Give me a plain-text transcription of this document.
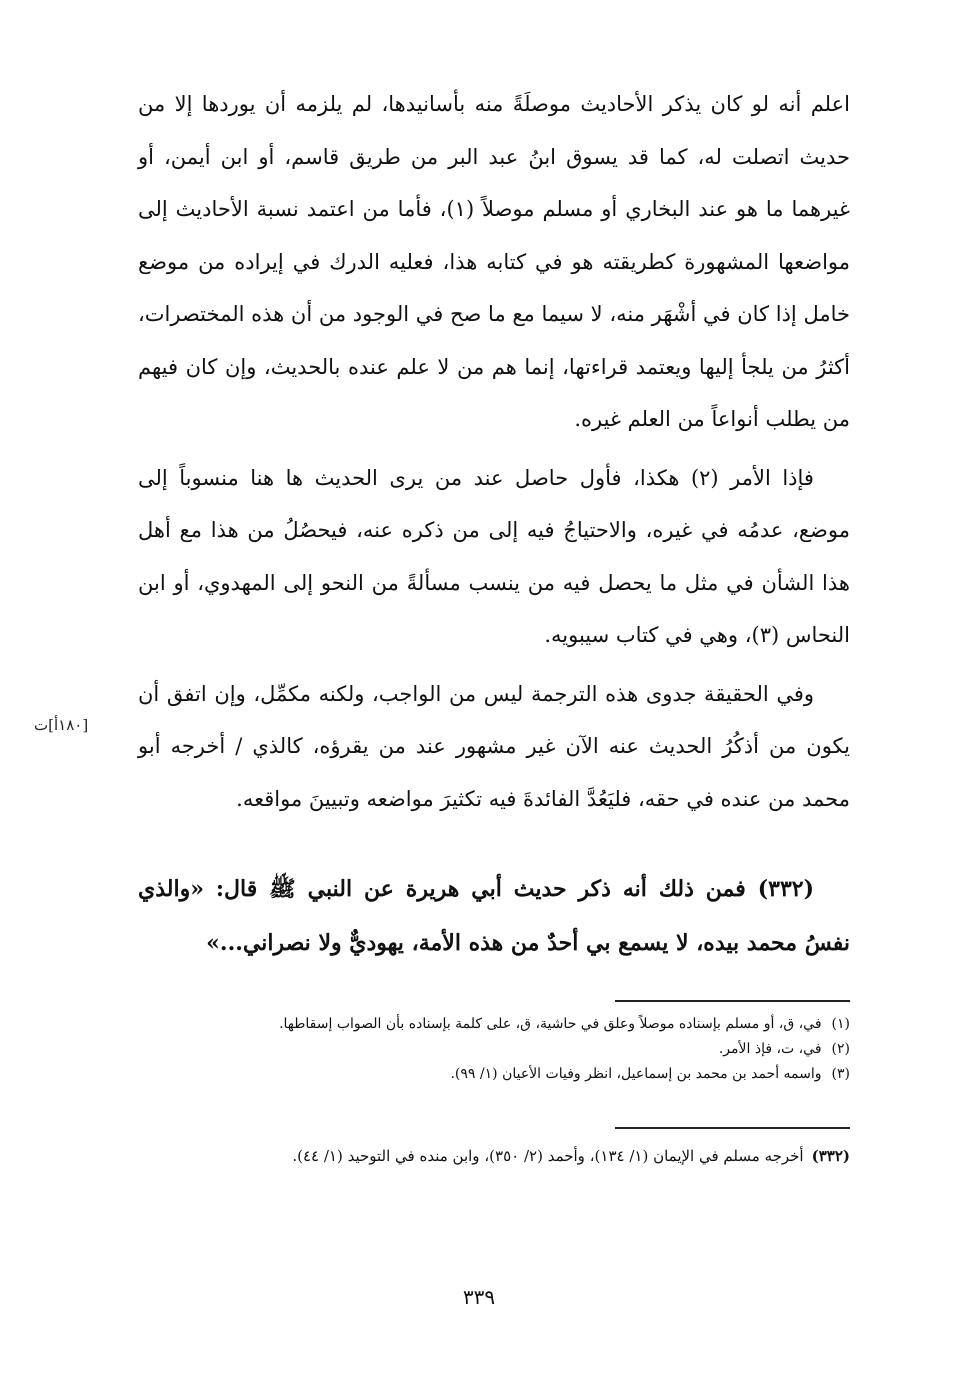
اعلم أنه لو كان يذكر الأحاديث موصلَةً منه بأسانيدها، لم يلزمه أن يوردها إلا من حديث اتصلت له، كما قد يسوق ابنُ عبد البر من طريق قاسم، أو ابن أيمن، أو غيرهما ما هو عند البخاري أو مسلم موصلاً (١)، فأما من اعتمد نسبة الأحاديث إلى مواضعها المشهورة كطريقته هو في كتابه هذا، فعليه الدرك في إيراده من موضع خامل إذا كان في أشْهَر منه، لا سيما مع ما صح في الوجود من أن هذه المختصرات، أكثرُ من يلجأ إليها ويعتمد قراءتها، إنما هم من لا علم عنده بالحديث، وإن كان فيهم من يطلب أنواعاً من العلم غيره.

فإذا الأمر (٢) هكذا، فأول حاصل عند من يرى الحديث ها هنا منسوباً إلى موضع، عدمُه في غيره، والاحتياجُ فيه إلى من ذكره عنه، فيحصُلُ من هذا مع أهل هذا الشأن في مثل ما يحصل فيه من ينسب مسألةً من النحو إلى المهدوي، أو ابن النحاس (٣)، وهي في كتاب سيبويه.

وفي الحقيقة جدوى هذه الترجمة ليس من الواجب، ولكنه مكمِّل، وإن اتفق أن يكون من أذكُرُ الحديث عنه الآن غير مشهور عند من يقرؤه، كالذي / أخرجه أبو محمد من عنده في حقه، فليَعُدَّ الفائدةَ فيه تكثيرَ مواضعه وتبيينَ مواقعه.

[١٨٠أ]ت

(٣٣٢) فمن ذلك أنه ذكر حديث أبي هريرة عن النبي ﷺ قال: «والذي نفسُ محمد بيده، لا يسمع بي أحدٌ من هذه الأمة، يهوديٌّ ولا نصراني...»

(١)في، ق، أو مسلم بإسناده موصلاً وعلق في حاشية، ق، على كلمة بإسناده بأن الصواب إسقاطها.

(٢)في، ت، فإذ الأمر.

(٣)واسمه أحمد بن محمد بن إسماعيل، انظر وفيات الأعيان (١/ ٩٩).

(٣٣٢)أخرجه مسلم في الإيمان (١/ ١٣٤)، وأحمد (٢/ ٣٥٠)، وابن منده في التوحيد (١/ ٤٤).
٣٣٩
